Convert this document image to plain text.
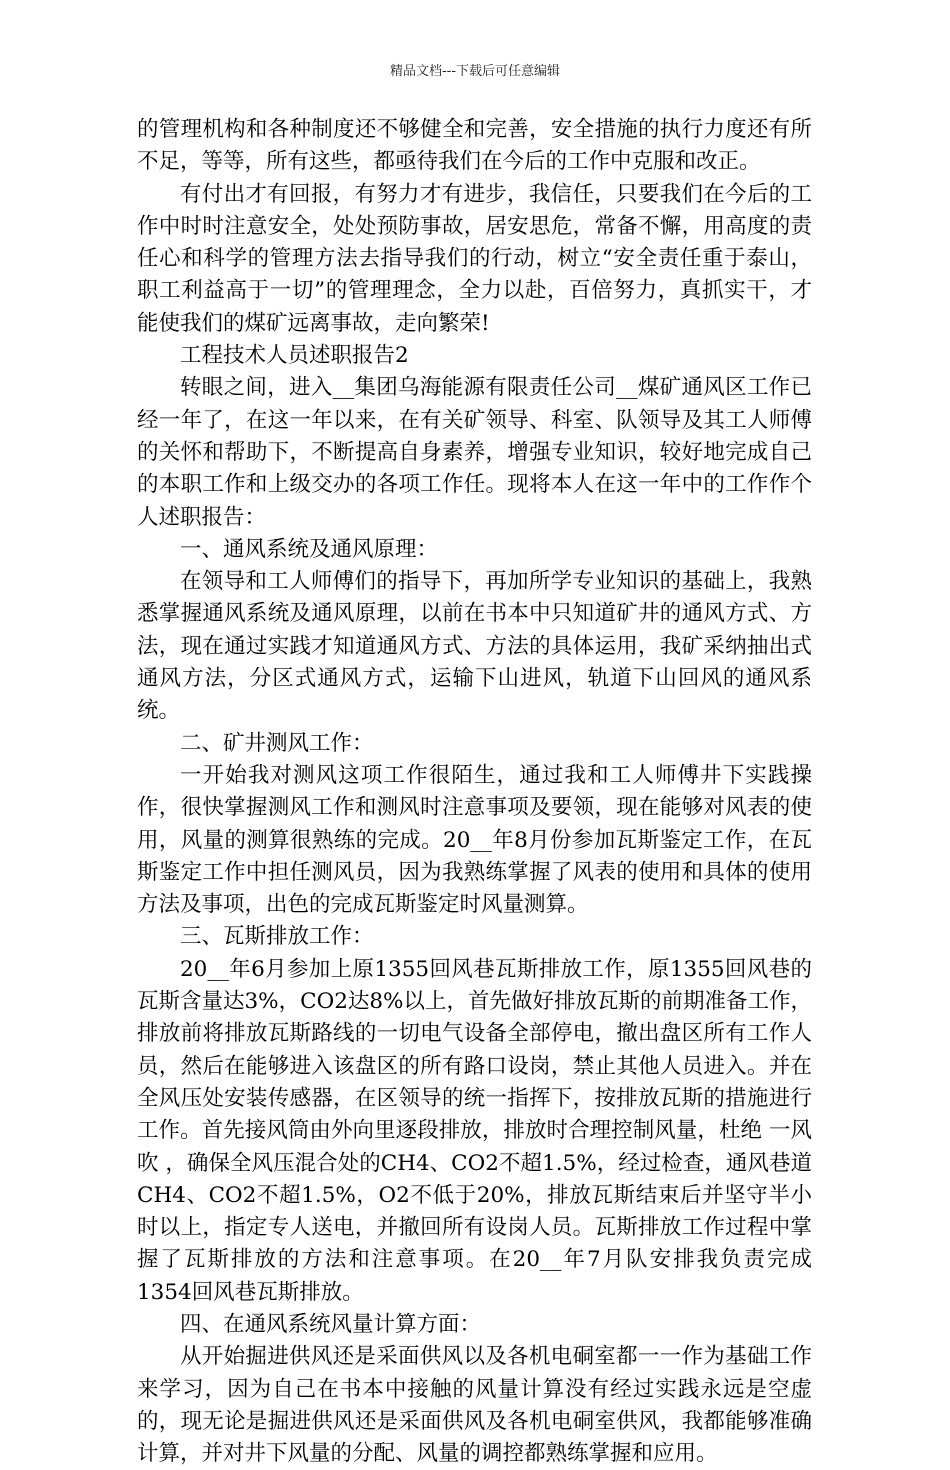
精品文档---下载后可任意编辑

的管理机构和各种制度还不够健全和完善，安全措施的执行力度还有所不足，等等，所有这些，都亟待我们在今后的工作中克服和改正。

有付出才有回报，有努力才有进步，我信任，只要我们在今后的工作中时时注意安全，处处预防事故，居安思危，常备不懈，用高度的责任心和科学的管理方法去指导我们的行动，树立“安全责任重于泰山，职工利益高于一切”的管理理念，全力以赴，百倍努力，真抓实干，才能使我们的煤矿远离事故，走向繁荣!

工程技术人员述职报告2

转眼之间，进入__集团乌海能源有限责任公司__煤矿通风区工作已经一年了，在这一年以来，在有关矿领导、科室、队领导及其工人师傅的关怀和帮助下，不断提高自身素养，增强专业知识，较好地完成自己的本职工作和上级交办的各项工作任。现将本人在这一年中的工作作个人述职报告：

一、通风系统及通风原理：

在领导和工人师傅们的指导下，再加所学专业知识的基础上，我熟悉掌握通风系统及通风原理，以前在书本中只知道矿井的通风方式、方法，现在通过实践才知道通风方式、方法的具体运用，我矿采纳抽出式通风方法，分区式通风方式，运输下山进风，轨道下山回风的通风系统。

二、矿井测风工作：

一开始我对测风这项工作很陌生，通过我和工人师傅井下实践操作，很快掌握测风工作和测风时注意事项及要领，现在能够对风表的使用，风量的测算很熟练的完成。20__年8月份参加瓦斯鉴定工作，在瓦斯鉴定工作中担任测风员，因为我熟练掌握了风表的使用和具体的使用方法及事项，出色的完成瓦斯鉴定时风量测算。

三、瓦斯排放工作：

20__年6月参加上原1355回风巷瓦斯排放工作，原1355回风巷的瓦斯含量达3%，CO2达8%以上，首先做好排放瓦斯的前期准备工作，排放前将排放瓦斯路线的一切电气设备全部停电，撤出盘区所有工作人员，然后在能够进入该盘区的所有路口设岗，禁止其他人员进入。并在全风压处安装传感器，在区领导的统一指挥下，按排放瓦斯的措施进行工作。首先接风筒由外向里逐段排放，排放时合理控制风量，杜绝 一风吹 ，确保全风压混合处的CH4、CO2不超1.5%，经过检查，通风巷道CH4、CO2不超1.5%，O2不低于20%，排放瓦斯结束后并坚守半小时以上，指定专人送电，并撤回所有设岗人员。瓦斯排放工作过程中掌握了瓦斯排放的方法和注意事项。在20__年7月队安排我负责完成1354回风巷瓦斯排放。

四、在通风系统风量计算方面：

从开始掘进供风还是采面供风以及各机电硐室都一一作为基础工作来学习，因为自己在书本中接触的风量计算没有经过实践永远是空虚的，现无论是掘进供风还是采面供风及各机电硐室供风，我都能够准确计算，并对井下风量的分配、风量的调控都熟练掌握和应用。
